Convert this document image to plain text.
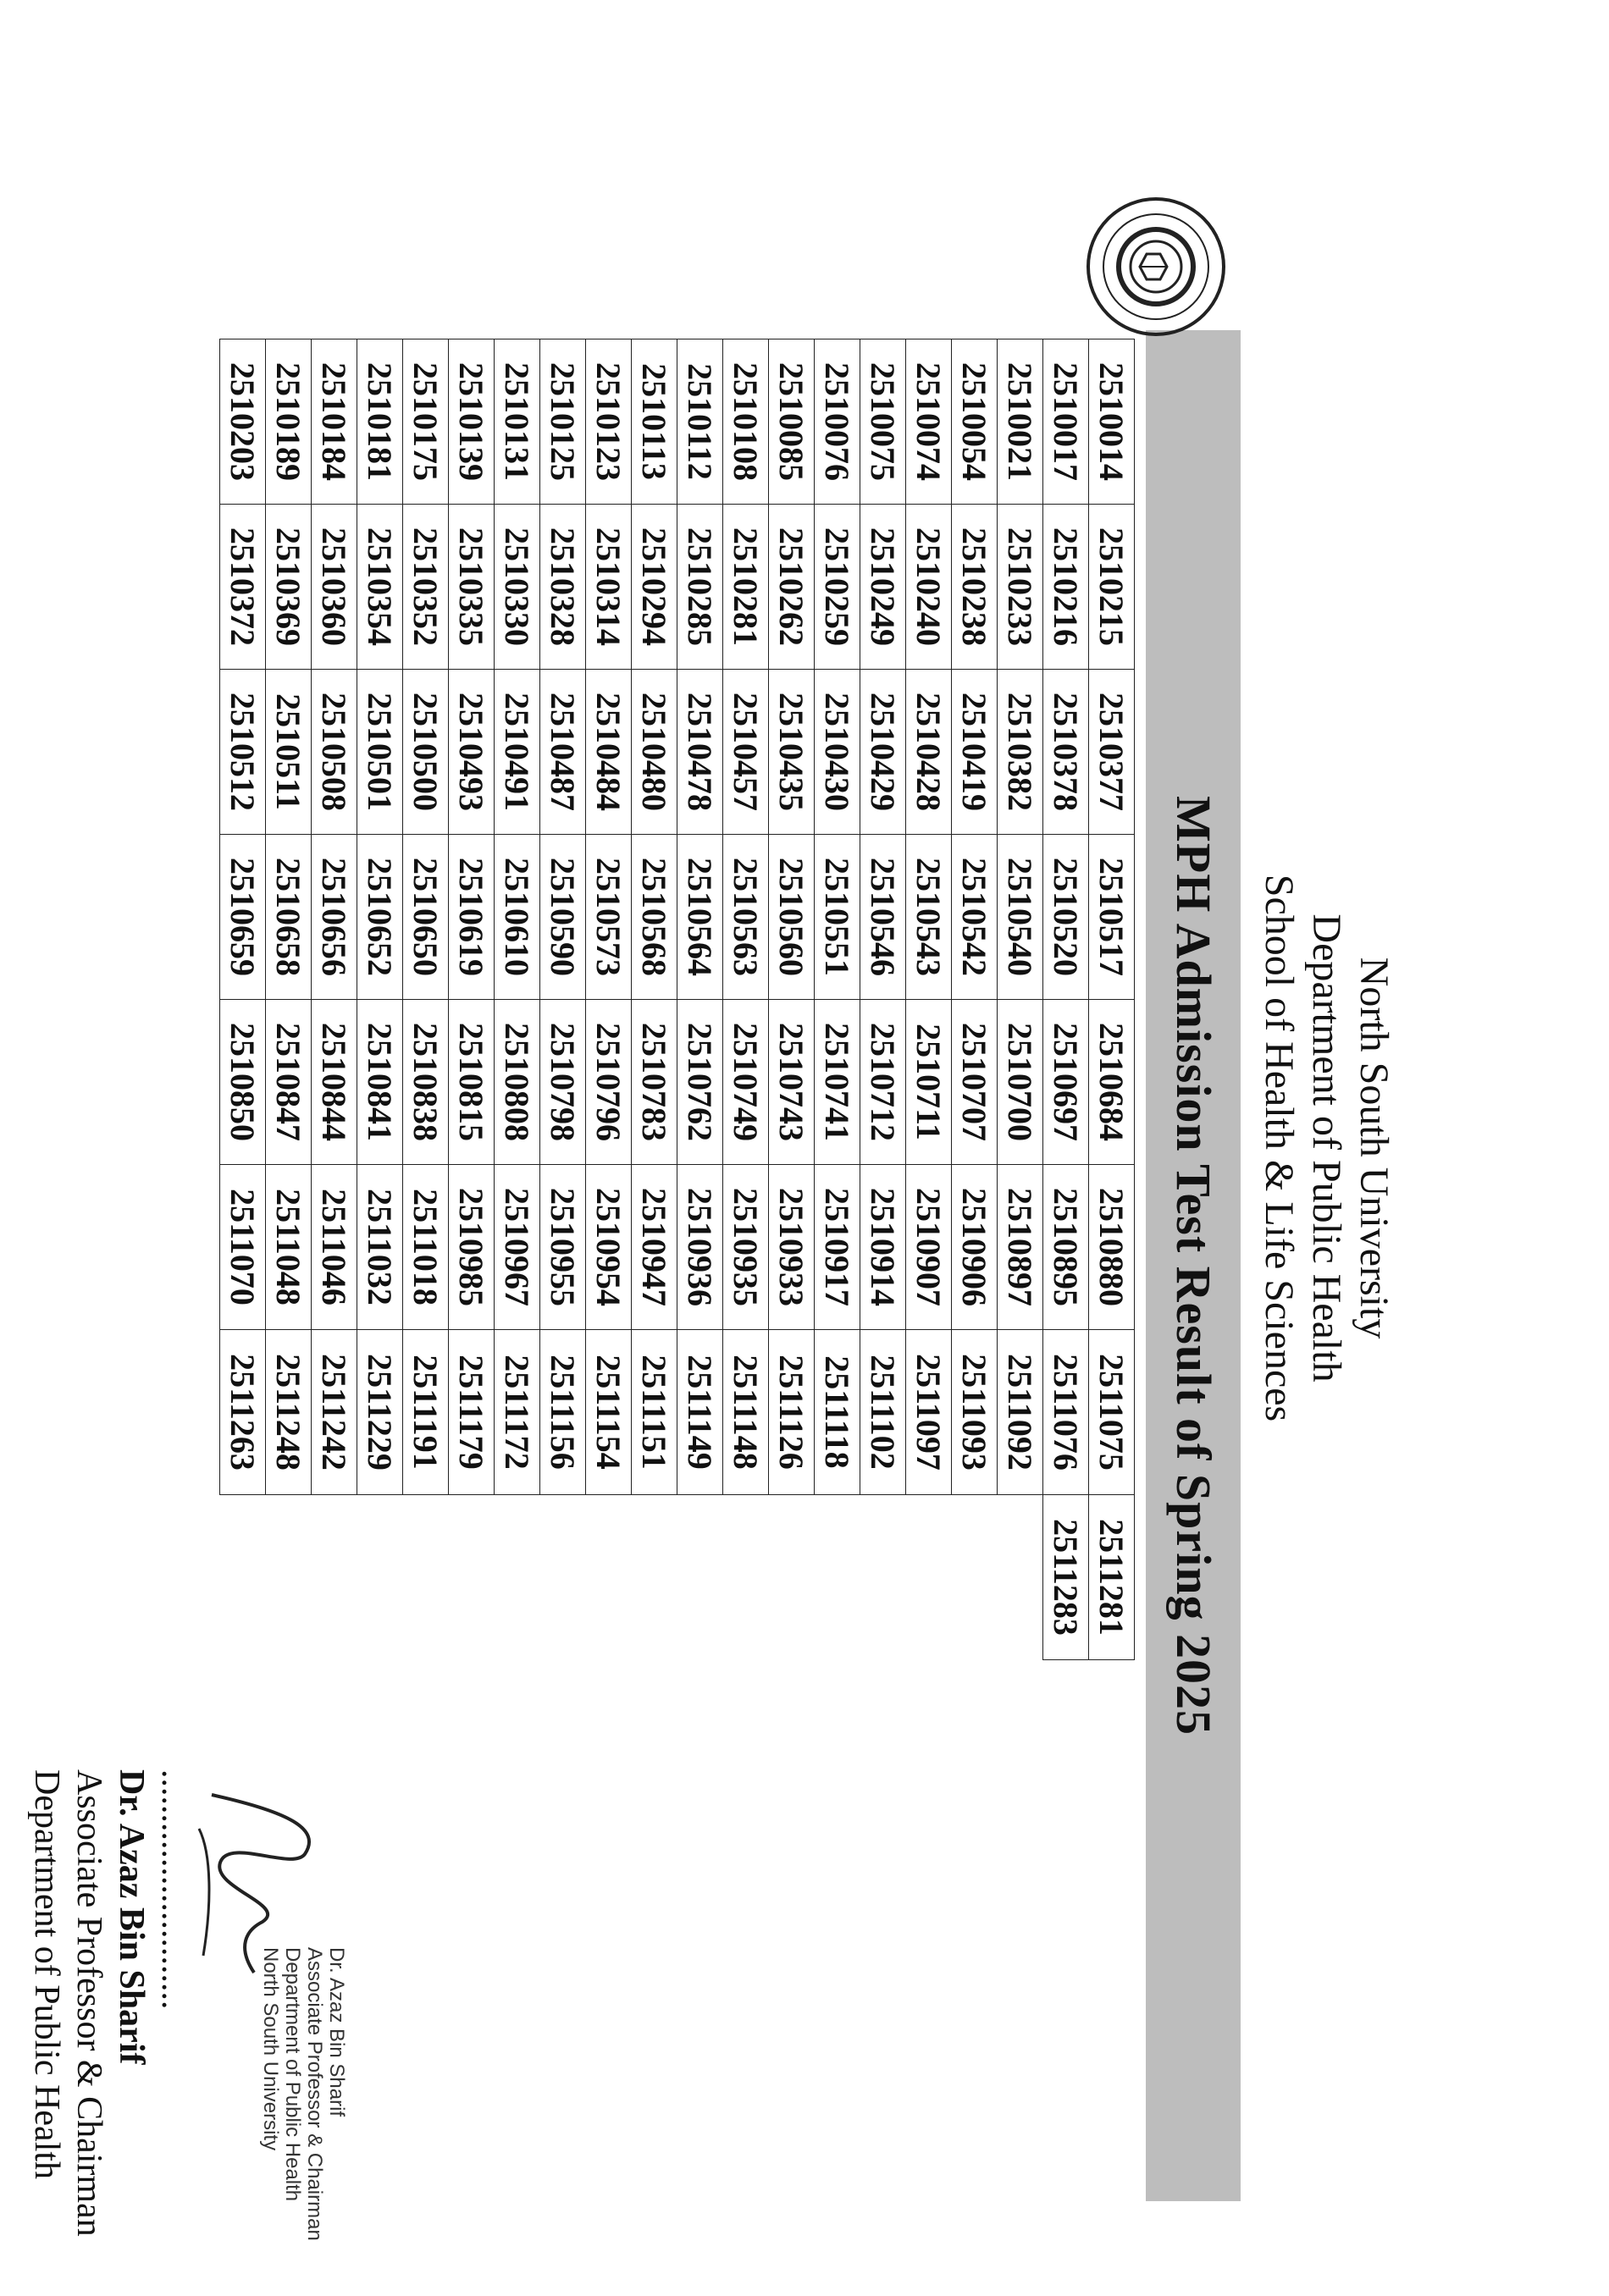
North South University
Department of Public Health
School of Health & Life Sciences
MPH Admission Test Result of Spring 2025
2510014	2510215	2510377	2510517	2510684	2510880	2511075	2511281
2510017	2510216	2510378	2510520	2510697	2510895	2511076	2511283
2510021	2510233	2510382	2510540	2510700	2510897	2511092	
2510054	2510238	2510419	2510542	2510707	2510906	2511093	
2510074	2510240	2510428	2510543	2510711	2510907	2511097	
2510075	2510249	2510429	2510546	2510712	2510914	2511102	
2510076	2510259	2510430	2510551	2510741	2510917	2511118	
2510085	2510262	2510435	2510560	2510743	2510933	2511126	
2510108	2510281	2510457	2510563	2510749	2510935	2511148	
2510112	2510285	2510478	2510564	2510762	2510936	2511149	
2510113	2510294	2510480	2510568	2510783	2510947	2511151	
2510123	2510314	2510484	2510573	2510796	2510954	2511154	
2510125	2510328	2510487	2510590	2510798	2510955	2511156	
2510131	2510330	2510491	2510610	2510808	2510967	2511172	
2510139	2510335	2510493	2510619	2510815	2510985	2511179	
2510175	2510352	2510500	2510650	2510838	2511018	2511191	
2510181	2510354	2510501	2510652	2510841	2511032	2511229	
2510184	2510360	2510508	2510656	2510844	2511046	2511242	
2510189	2510369	2510511	2510658	2510847	2511048	2511248	
2510203	2510372	2510512	2510659	2510850	2511070	2511263	
Dr. Azaz Bin Sharif
Associate Professor & Chairman
Department of Public Health
North South University
...........................
Dr. Azaz Bin Sharif
Associate Professor & Chairman
Department of Public Health
